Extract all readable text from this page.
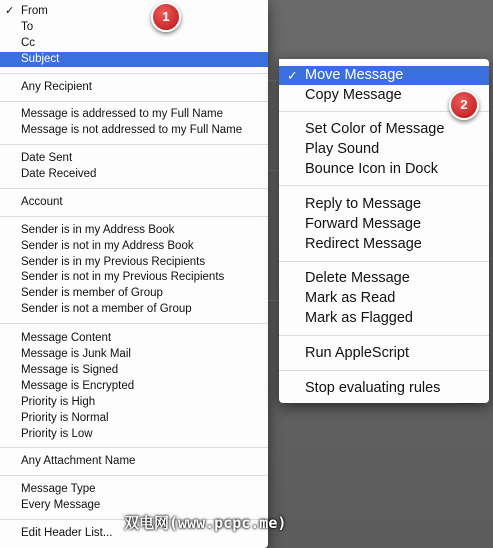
✓ From
To
Cc
Subject
Any Recipient
Message is addressed to my Full Name
Message is not addressed to my Full Name
Date Sent
Date Received
Account
Sender is in my Address Book
Sender is not in my Address Book
Sender is in my Previous Recipients
Sender is not in my Previous Recipients
Sender is member of Group
Sender is not a member of Group
Message Content
Message is Junk Mail
Message is Signed
Message is Encrypted
Priority is High
Priority is Normal
Priority is Low
Any Attachment Name
Message Type
Every Message
Edit Header List...
✓ Move Message
Copy Message
Set Color of Message
Play Sound
Bounce Icon in Dock
Reply to Message
Forward Message
Redirect Message
Delete Message
Mark as Read
Mark as Flagged
Run AppleScript
Stop evaluating rules
1
2
双电网(www.pcpc.me)
